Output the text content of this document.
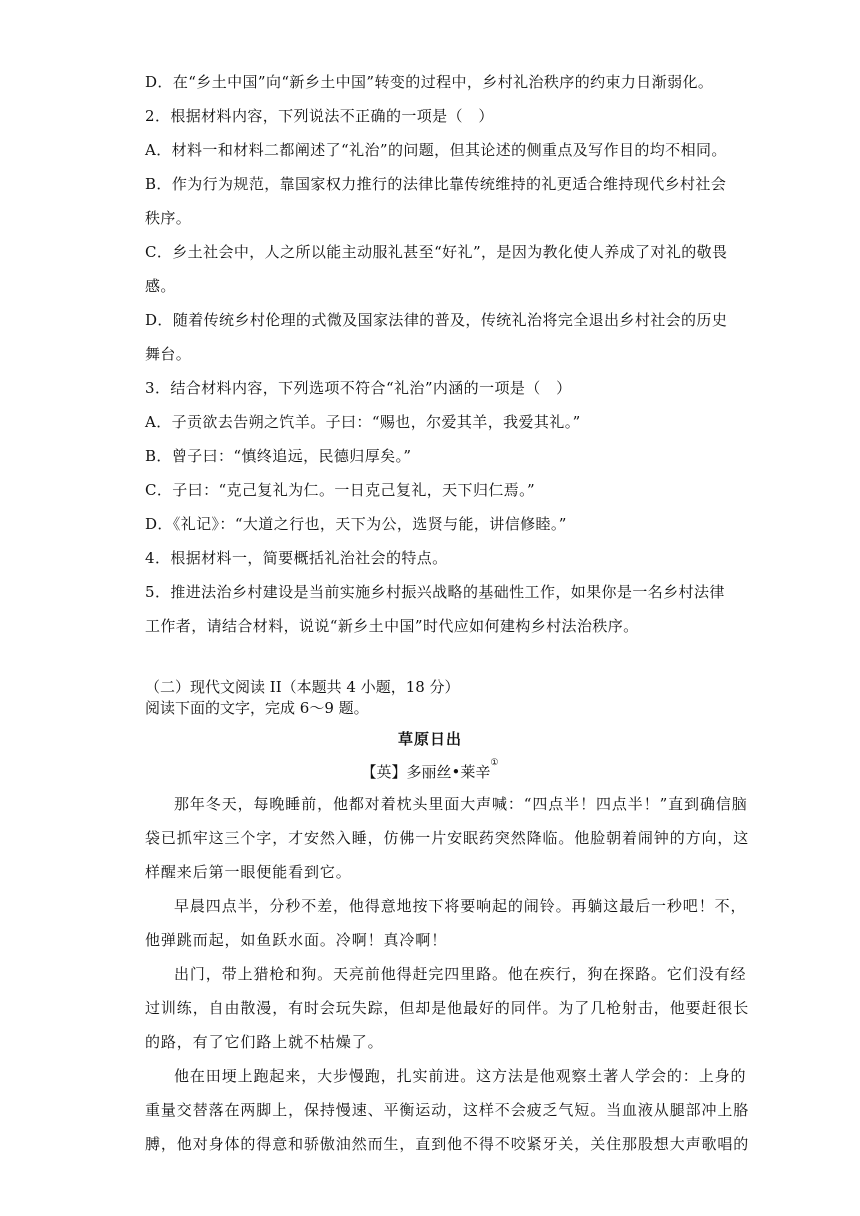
D．在“乡土中国”向“新乡土中国”转变的过程中，乡村礼治秩序的约束力日渐弱化。
2．根据材料内容，下列说法不正确的一项是（　）
A．材料一和材料二都阐述了“礼治”的问题，但其论述的侧重点及写作目的均不相同。
B．作为行为规范，靠国家权力推行的法律比靠传统维持的礼更适合维持现代乡村社会
秩序。
C．乡土社会中，人之所以能主动服礼甚至“好礼”，是因为教化使人养成了对礼的敬畏
感。
D．随着传统乡村伦理的式微及国家法律的普及，传统礼治将完全退出乡村社会的历史
舞台。
3．结合材料内容，下列选项不符合“礼治”内涵的一项是（　）
A．子贡欲去告朔之饩羊。子曰：“赐也，尔爱其羊，我爱其礼。”
B．曾子曰：“慎终追远，民德归厚矣。”
C．子曰：“克己复礼为仁。一日克己复礼，天下归仁焉。”
D．《礼记》：“大道之行也，天下为公，选贤与能，讲信修睦。”
4．根据材料一，简要概括礼治社会的特点。
5．推进法治乡村建设是当前实施乡村振兴战略的基础性工作，如果你是一名乡村法律
工作者，请结合材料，说说“新乡土中国”时代应如何建构乡村法治秩序。
（二）现代文阅读 II（本题共 4 小题，18 分）
阅读下面的文字，完成 6～9 题。
草原日出
【英】多丽丝•莱辛①
那年冬天，每晚睡前，他都对着枕头里面大声喊：“四点半！四点半！”直到确信脑
袋已抓牢这三个字，才安然入睡，仿佛一片安眠药突然降临。他脸朝着闹钟的方向，这
样醒来后第一眼便能看到它。
早晨四点半，分秒不差，他得意地按下将要响起的闹铃。再躺这最后一秒吧！不，
他弹跳而起，如鱼跃水面。冷啊！真冷啊！
出门，带上猎枪和狗。天亮前他得赶完四里路。他在疾行，狗在探路。它们没有经
过训练，自由散漫，有时会玩失踪，但却是他最好的同伴。为了几枪射击，他要赶很长
的路，有了它们路上就不枯燥了。
他在田埂上跑起来，大步慢跑，扎实前进。这方法是他观察土著人学会的：上身的
重量交替落在两脚上，保持慢速、平衡运动，这样不会疲乏气短。当血液从腿部冲上胳
膊，他对身体的得意和骄傲油然而生，直到他不得不咬紧牙关，关住那股想大声歌唱的
